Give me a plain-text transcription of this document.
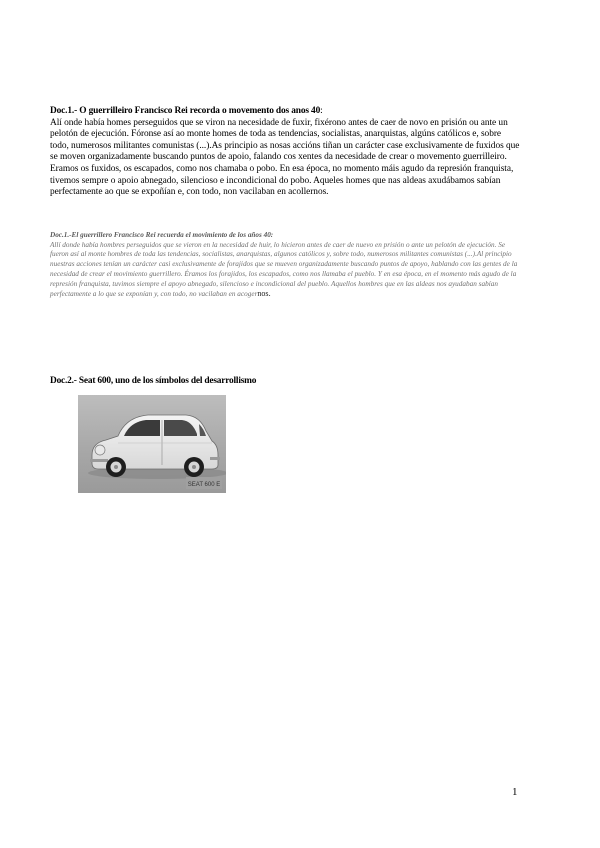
Doc.1.- O guerrilleiro Francisco Rei recorda o movemento dos anos 40:
Alí onde había homes perseguidos que se viron na necesidade de fuxir, fixérono antes de caer de novo en prisión ou ante un pelotón de ejecución. Fóronse así ao monte homes de toda as tendencias, socialistas, anarquistas, algúns católicos e, sobre todo, numerosos militantes comunistas (...).As principio as nosas accións tiñan un carácter case exclusivamente de fuxidos que se moven organizadamente buscando puntos de apoio, falando cos xentes da necesidade de crear o movemento guerrilleiro. Eramos os fuxidos, os escapados, como nos chamaba o pobo. En esa época, no momento máis agudo da represión franquista, tivemos sempre o apoio abnegado, silencioso e incondicional do pobo. Aqueles homes que nas aldeas axudábamos sabían perfectamente ao que se expoñían e, con todo, non vacilaban en acollernos.
Doc.1.-El guerrillero Francisco Rei recuerda el movimiento de los años 40:
Allí donde había hombres perseguidos que se vieron en la necesidad de huir, lo hicieron antes de caer de nuevo en prisión o ante un pelotón de ejecución. Se fueron así al monte hombres de toda las tendencias, socialistas, anarquistas, algunos católicos y, sobre todo, numerosos militantes comunistas (...).Al principio nuestras acciones tenían un carácter casi exclusivamente de forajidos que se mueven organizadamente buscando puntos de apoyo, hablando con las gentes de la necesidad de crear el movimiento guerrillero. Éramos los forajidos, los escapados, como nos llamaba el pueblo. Y en esa época, en el momento más agudo de la represión franquista, tuvimos siempre el apoyo abnegado, silencioso e incondicional del pueblo. Aquellos hombres que en las aldeas nos ayudaban sabían perfectamente a lo que se exponían y, con todo, no vacilaban en acogernos.
Doc.2.- Seat 600, uno de los símbolos del desarrollismo
SEAT 600 E
1
